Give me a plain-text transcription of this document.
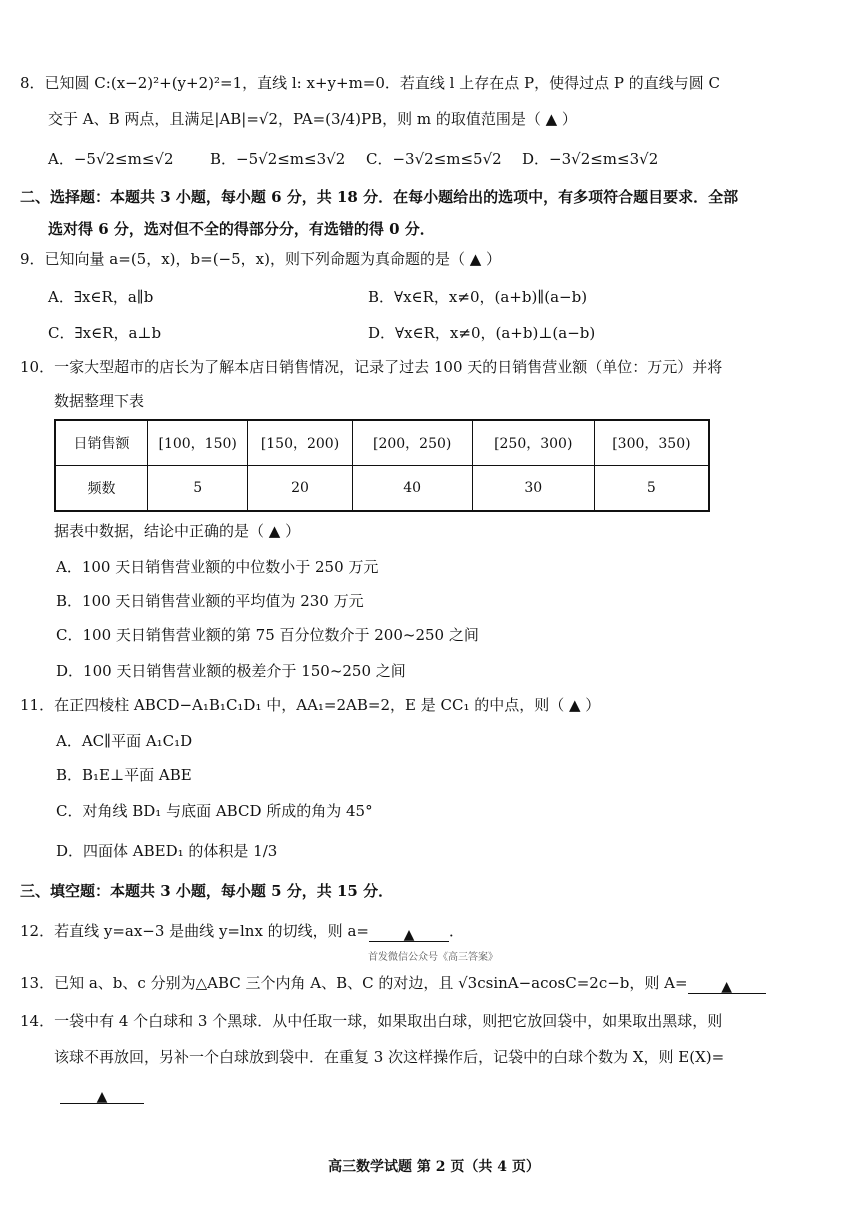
8．已知圆 C:(x−2)²+(y+2)²=1，直线 l: x+y+m=0．若直线 l 上存在点 P，使得过点 P 的直线与圆 C
交于 A、B 两点，且满足|AB|=√2，PA=(3/4)PB，则 m 的取值范围是（ ▲ ）
A．−5√2≤m≤√2 B．−5√2≤m≤3√2 C．−3√2≤m≤5√2 D．−3√2≤m≤3√2
二、选择题：本题共 3 小题，每小题 6 分，共 18 分．在每小题给出的选项中，有多项符合题目要求．全部
选对得 6 分，选对但不全的得部分分，有选错的得 0 分．
9．已知向量 a=(5，x)，b=(−5，x)，则下列命题为真命题的是（ ▲ ）
A．∃x∈R，a∥b	B．∀x∈R，x≠0，(a+b)∥(a−b)
C．∃x∈R，a⊥b	D．∀x∈R，x≠0，(a+b)⊥(a−b)
10．一家大型超市的店长为了解本店日销售情况，记录了过去 100 天的日销售营业额（单位：万元）并将
数据整理下表
日销售额	[100，150)	[150，200)	[200，250)	[250，300)	[300，350)
频数	5	20	40	30	5
据表中数据，结论中正确的是（ ▲ ）
A．100 天日销售营业额的中位数小于 250 万元
B．100 天日销售营业额的平均值为 230 万元
C．100 天日销售营业额的第 75 百分位数介于 200~250 之间
D．100 天日销售营业额的极差介于 150~250 之间
11．在正四棱柱 ABCD−A₁B₁C₁D₁ 中，AA₁=2AB=2，E 是 CC₁ 的中点，则（ ▲ ）
A．AC∥平面 A₁C₁D
B．B₁E⊥平面 ABE
C．对角线 BD₁ 与底面 ABCD 所成的角为 45°
D．四面体 ABED₁ 的体积是 1/3
三、填空题：本题共 3 小题，每小题 5 分，共 15 分．
12．若直线 y=ax−3 是曲线 y=lnx 的切线，则 a= ▲ ．
首发微信公众号《高三答案》
13．已知 a、b、c 分别为△ABC 三个内角 A、B、C 的对边，且 √3csinA−acosC=2c−b，则 A= ▲
14．一袋中有 4 个白球和 3 个黑球．从中任取一球，如果取出白球，则把它放回袋中，如果取出黑球，则
该球不再放回，另补一个白球放到袋中．在重复 3 次这样操作后，记袋中的白球个数为 X，则 E(X)=
▲
高三数学试题 第 2 页（共 4 页）
